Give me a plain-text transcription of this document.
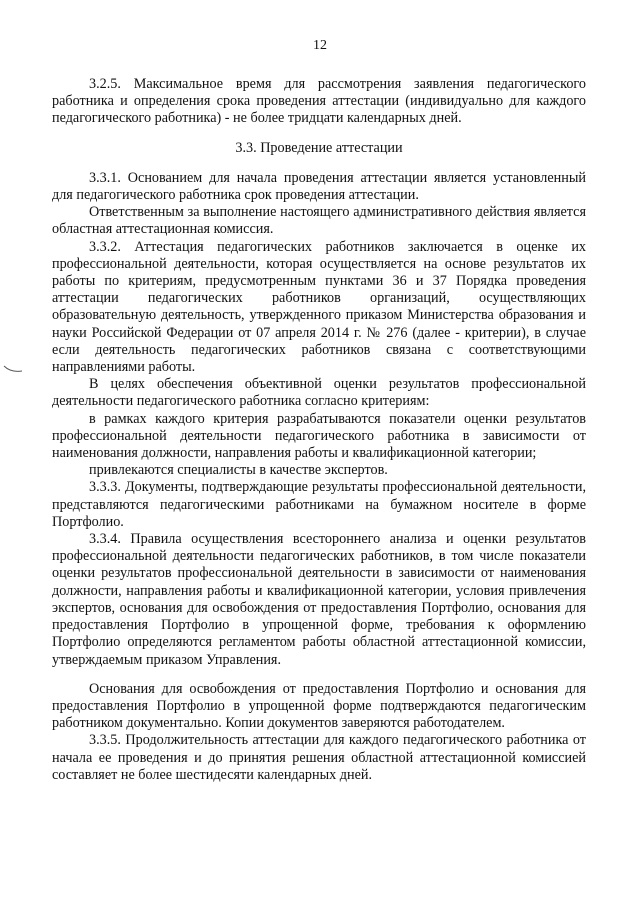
12

3.2.5. Максимальное время для рассмотрения заявления педагогического работника и определения срока проведения аттестации (индивидуально для каждого педагогического работника) - не более тридцати календарных дней.

3.3. Проведение аттестации

3.3.1. Основанием для начала проведения аттестации является установленный для педагогического работника срок проведения аттестации.

Ответственным за выполнение настоящего административного действия является областная аттестационная комиссия.

3.3.2. Аттестация педагогических работников заключается в оценке их профессиональной деятельности, которая осуществляется на основе результатов их работы по критериям, предусмотренным пунктами 36 и 37 Порядка проведения аттестации педагогических работников организаций, осуществляющих образовательную деятельность, утвержденного приказом Министерства образования и науки Российской Федерации от 07 апреля 2014 г. № 276 (далее - критерии), в случае если деятельность педагогических работников связана с соответствующими направлениями работы.

В целях обеспечения объективной оценки результатов профессиональной деятельности педагогического работника согласно критериям:

в рамках каждого критерия разрабатываются показатели оценки результатов профессиональной деятельности педагогического работника в зависимости от наименования должности, направления работы и квалификационной категории;

привлекаются специалисты в качестве экспертов.

3.3.3. Документы, подтверждающие результаты профессиональной деятельности, представляются педагогическими работниками на бумажном носителе в форме Портфолио.

3.3.4. Правила осуществления всестороннего анализа и оценки результатов профессиональной деятельности педагогических работников, в том числе показатели оценки результатов профессиональной деятельности в зависимости от наименования должности, направления работы и квалификационной категории, условия привлечения экспертов, основания для освобождения от предоставления Портфолио, основания для предоставления Портфолио в упрощенной форме, требования к оформлению Портфолио определяются регламентом работы областной аттестационной комиссии, утверждаемым приказом Управления.

Основания для освобождения от предоставления Портфолио и основания для предоставления Портфолио в упрощенной форме подтверждаются педагогическим работником документально. Копии документов заверяются работодателем.

3.3.5. Продолжительность аттестации для каждого педагогического работника от начала ее проведения и до принятия решения областной аттестационной комиссией составляет не более шестидесяти календарных дней.
